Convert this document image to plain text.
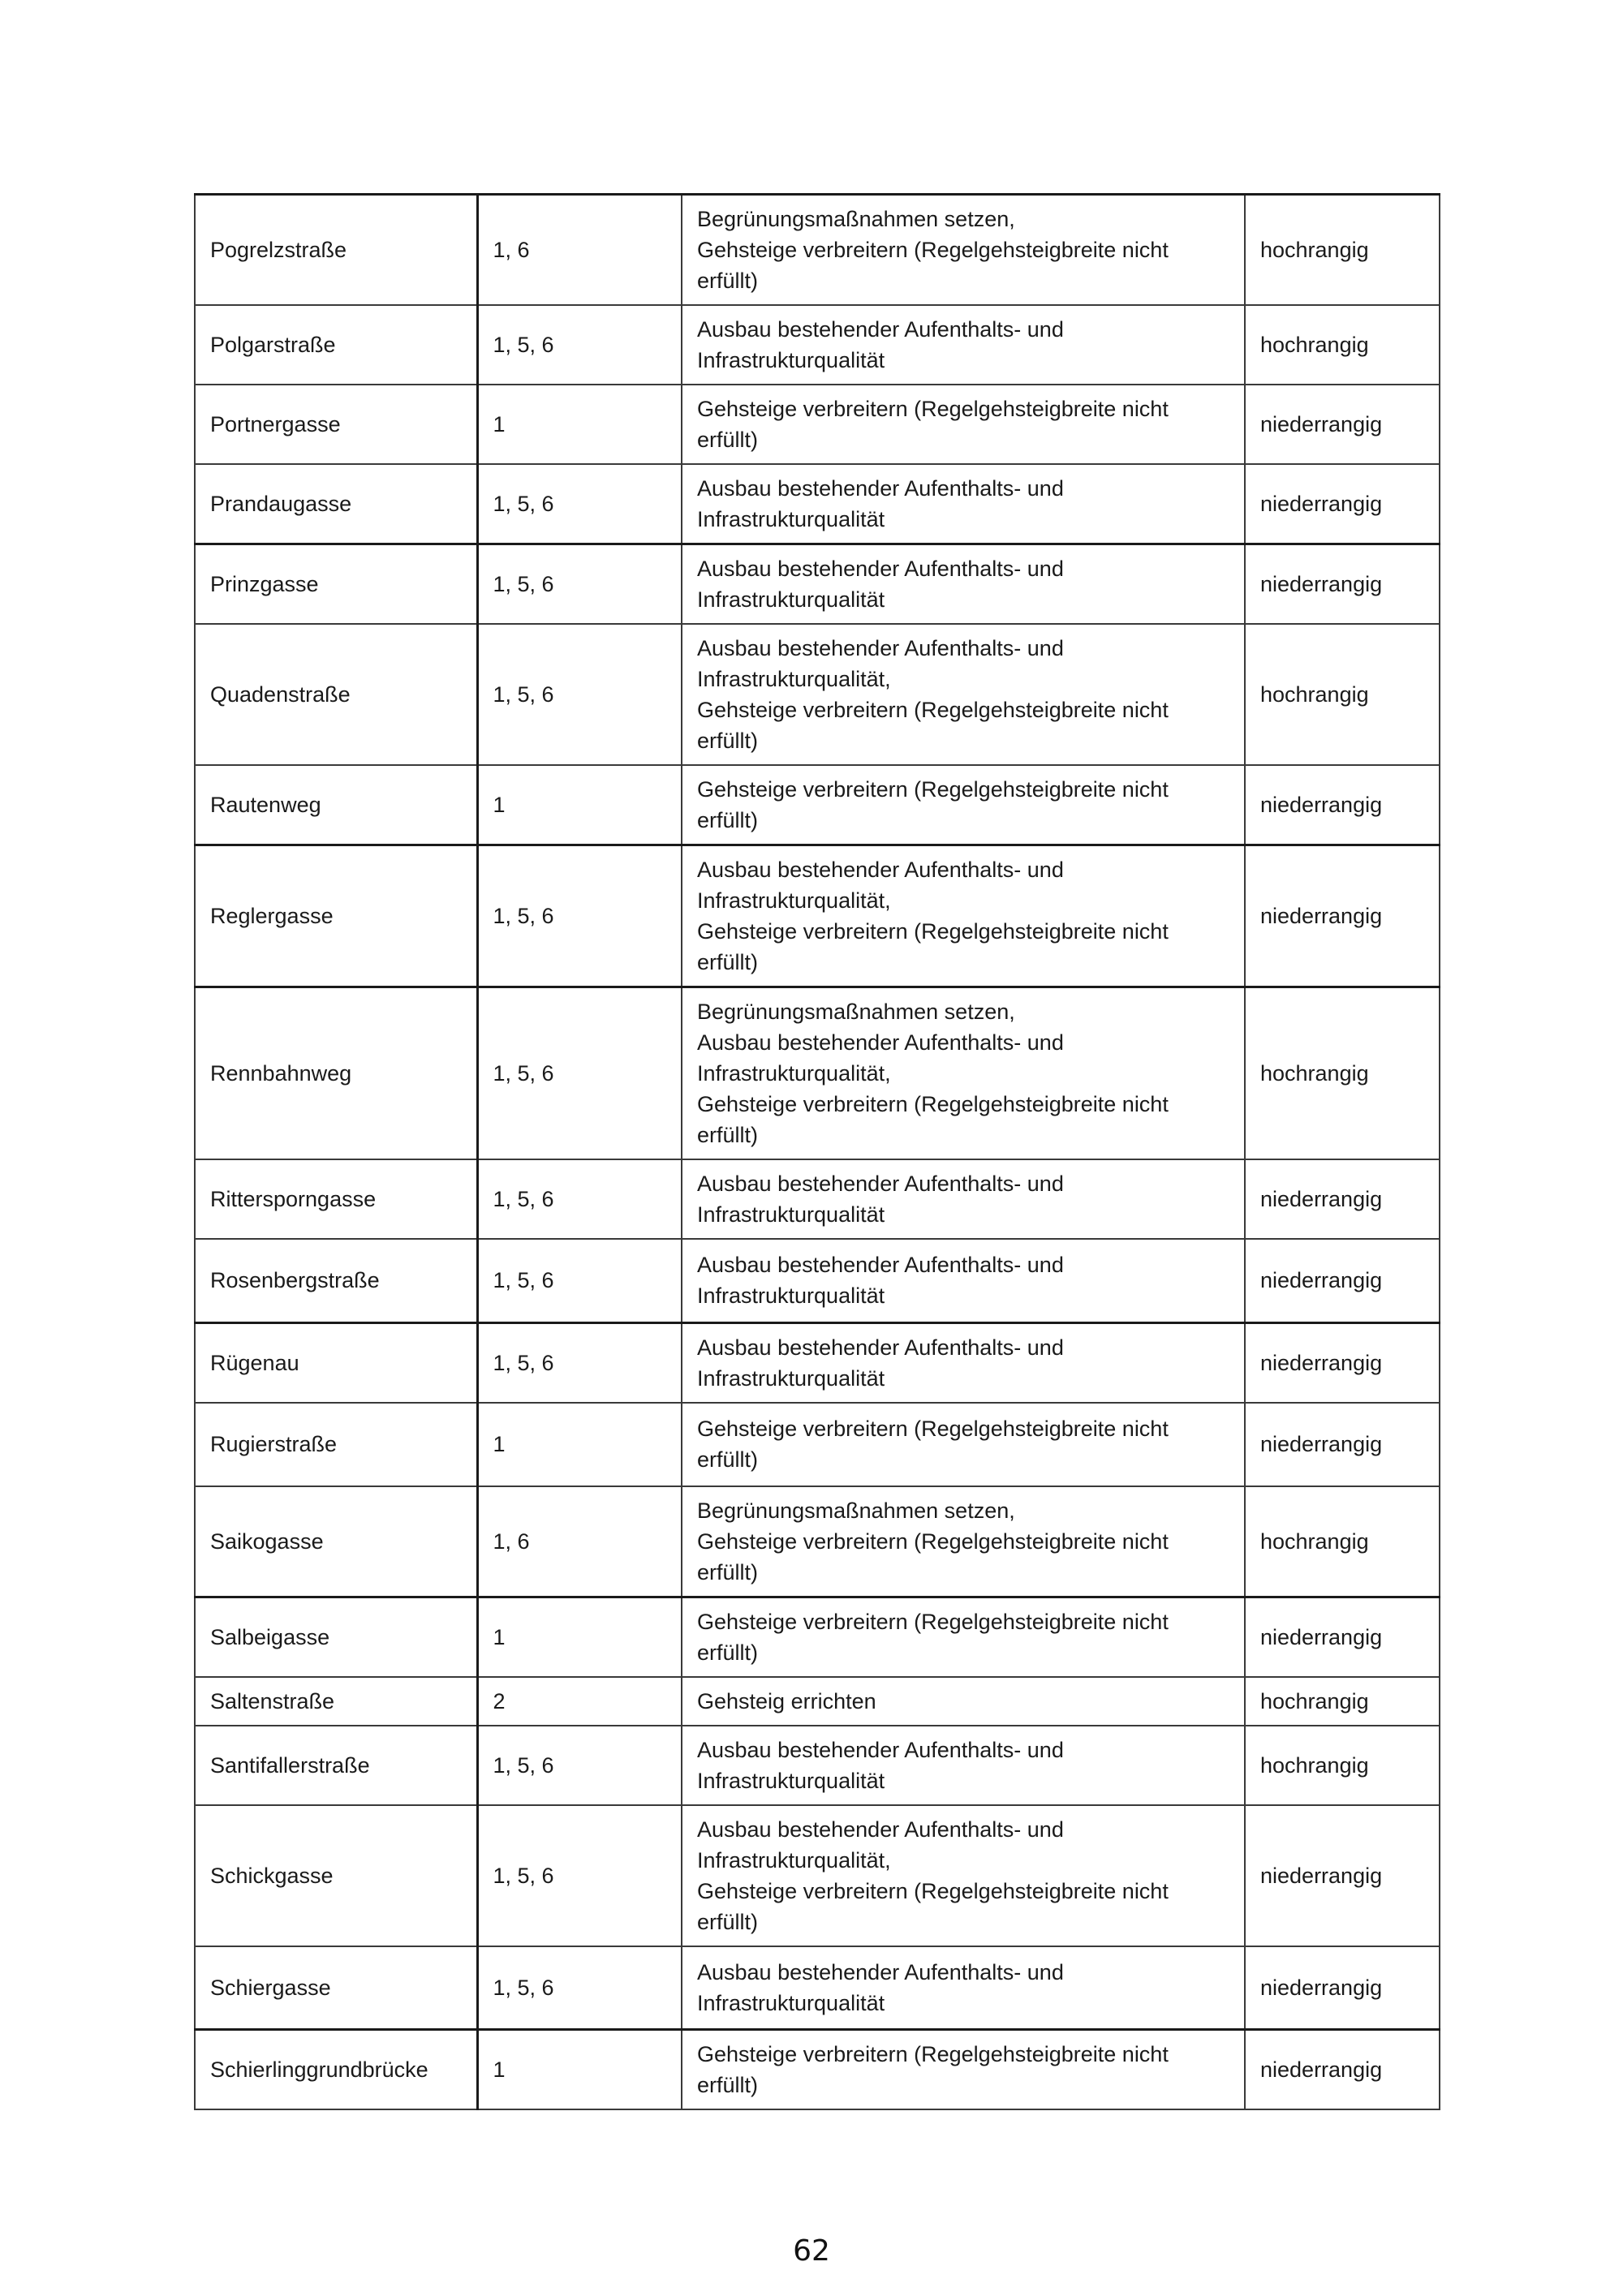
Pogrelzstraße	1, 6	Begrünungsmaßnahmen setzen,
Gehsteige verbreitern (Regelgehsteigbreite nicht
erfüllt)	hochrangig
Polgarstraße	1, 5, 6	Ausbau bestehender Aufenthalts- und
Infrastrukturqualität	hochrangig
Portnergasse	1	Gehsteige verbreitern (Regelgehsteigbreite nicht
erfüllt)	niederrangig
Prandaugasse	1, 5, 6	Ausbau bestehender Aufenthalts- und
Infrastrukturqualität	niederrangig
Prinzgasse	1, 5, 6	Ausbau bestehender Aufenthalts- und
Infrastrukturqualität	niederrangig
Quadenstraße	1, 5, 6	Ausbau bestehender Aufenthalts- und
Infrastrukturqualität,
Gehsteige verbreitern (Regelgehsteigbreite nicht
erfüllt)	hochrangig
Rautenweg	1	Gehsteige verbreitern (Regelgehsteigbreite nicht
erfüllt)	niederrangig
Reglergasse	1, 5, 6	Ausbau bestehender Aufenthalts- und
Infrastrukturqualität,
Gehsteige verbreitern (Regelgehsteigbreite nicht
erfüllt)	niederrangig
Rennbahnweg	1, 5, 6	Begrünungsmaßnahmen setzen,
Ausbau bestehender Aufenthalts- und
Infrastrukturqualität,
Gehsteige verbreitern (Regelgehsteigbreite nicht
erfüllt)	hochrangig
Rittersporngasse	1, 5, 6	Ausbau bestehender Aufenthalts- und
Infrastrukturqualität	niederrangig
Rosenbergstraße	1, 5, 6	Ausbau bestehender Aufenthalts- und
Infrastrukturqualität	niederrangig
Rügenau	1, 5, 6	Ausbau bestehender Aufenthalts- und
Infrastrukturqualität	niederrangig
Rugierstraße	1	Gehsteige verbreitern (Regelgehsteigbreite nicht
erfüllt)	niederrangig
Saikogasse	1, 6	Begrünungsmaßnahmen setzen,
Gehsteige verbreitern (Regelgehsteigbreite nicht
erfüllt)	hochrangig
Salbeigasse	1	Gehsteige verbreitern (Regelgehsteigbreite nicht
erfüllt)	niederrangig
Saltenstraße	2	Gehsteig errichten	hochrangig
Santifallerstraße	1, 5, 6	Ausbau bestehender Aufenthalts- und
Infrastrukturqualität	hochrangig
Schickgasse	1, 5, 6	Ausbau bestehender Aufenthalts- und
Infrastrukturqualität,
Gehsteige verbreitern (Regelgehsteigbreite nicht
erfüllt)	niederrangig
Schiergasse	1, 5, 6	Ausbau bestehender Aufenthalts- und
Infrastrukturqualität	niederrangig
Schierlinggrundbrücke	1	Gehsteige verbreitern (Regelgehsteigbreite nicht
erfüllt)	niederrangig
62
